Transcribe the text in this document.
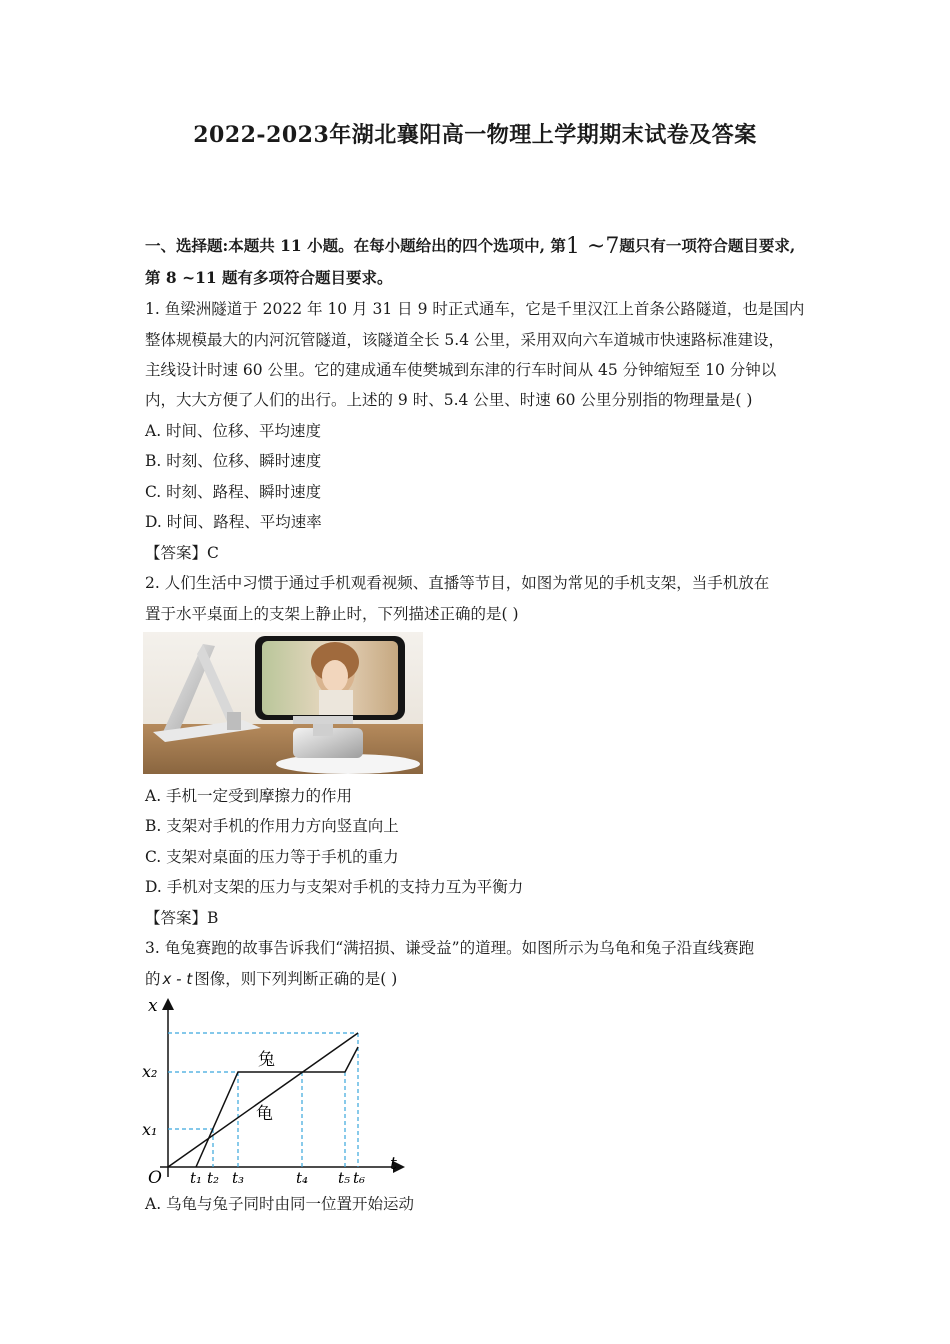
2022-2023年湖北襄阳高一物理上学期期末试卷及答案
一、选择题:本题共 11 小题。在每小题给出的四个选项中, 第1 ~7题只有一项符合题目要求,
第 8 ~11 题有多项符合题目要求。
1. 鱼梁洲隧道于 2022 年 10 月 31 日 9 时正式通车，它是千里汉江上首条公路隧道，也是国内
整体规模最大的内河沉管隧道，该隧道全长 5.4 公里，采用双向六车道城市快速路标准建设，
主线设计时速 60 公里。它的建成通车使樊城到东津的行车时间从 45 分钟缩短至 10 分钟以
内，大大方便了人们的出行。上述的 9 时、5.4 公里、时速 60 公里分别指的物理量是( )
A. 时间、位移、平均速度
B. 时刻、位移、瞬时速度
C. 时刻、路程、瞬时速度
D. 时间、路程、平均速率
【答案】C
2. 人们生活中习惯于通过手机观看视频、直播等节目，如图为常见的手机支架，当手机放在
置于水平桌面上的支架上静止时，下列描述正确的是( )
A. 手机一定受到摩擦力的作用
B. 支架对手机的作用力方向竖直向上
C. 支架对桌面的压力等于手机的重力
D. 手机对支架的压力与支架对手机的支持力互为平衡力
【答案】B
3. 龟兔赛跑的故事告诉我们“满招损、谦受益”的道理。如图所示为乌龟和兔子沿直线赛跑
的 x - t 图像，则下列判断正确的是( )
x
t
O
x₂
x₁
t₁ t₂ t₃	t₄ t₅ t₆
兔
龟
A. 乌龟与兔子同时由同一位置开始运动
